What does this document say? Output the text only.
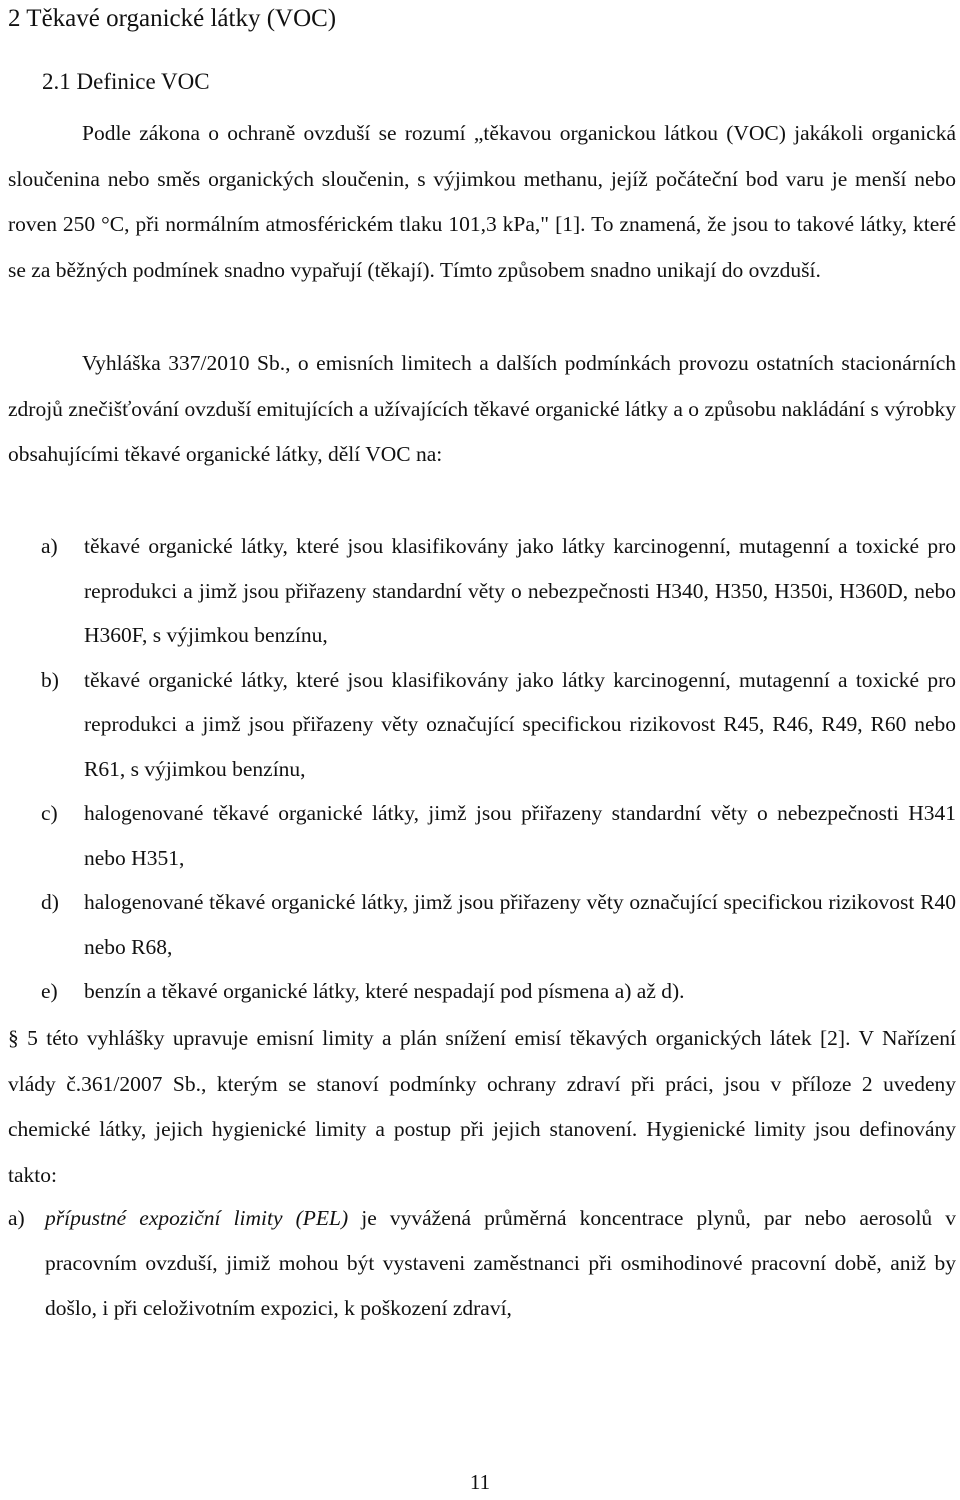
2 Těkavé organické látky (VOC)
2.1 Definice VOC

Podle zákona o ochraně ovzduší se rozumí „těkavou organickou látkou (VOC) jakákoli organická sloučenina nebo směs organických sloučenin, s výjimkou methanu, jejíž počáteční bod varu je menší nebo roven 250 °C, při normálním atmosférickém tlaku 101,3 kPa," [1]. To znamená, že jsou to takové látky, které se za běžných podmínek snadno vypařují (těkají). Tímto způsobem snadno unikají do ovzduší.

Vyhláška 337/2010 Sb., o emisních limitech a dalších podmínkách provozu ostatních stacionárních zdrojů znečišťování ovzduší emitujících a užívajících těkavé organické látky a o způsobu nakládání s výrobky obsahujícími těkavé organické látky, dělí VOC na:

a) těkavé organické látky, které jsou klasifikovány jako látky karcinogenní, mutagenní a toxické pro reprodukci a jimž jsou přiřazeny standardní věty o nebezpečnosti H340, H350, H350i, H360D, nebo H360F, s výjimkou benzínu,
b) těkavé organické látky, které jsou klasifikovány jako látky karcinogenní, mutagenní a toxické pro reprodukci a jimž jsou přiřazeny věty označující specifickou rizikovost R45, R46, R49, R60 nebo R61, s výjimkou benzínu,
c) halogenované těkavé organické látky, jimž jsou přiřazeny standardní věty o nebezpečnosti H341 nebo H351,
d) halogenované těkavé organické látky, jimž jsou přiřazeny věty označující specifickou rizikovost R40 nebo R68,
e) benzín a těkavé organické látky, které nespadají pod písmena a) až d).

§ 5 této vyhlášky upravuje emisní limity a plán snížení emisí těkavých organických látek [2]. V Nařízení vlády č.361/2007 Sb., kterým se stanoví podmínky ochrany zdraví při práci, jsou v příloze 2 uvedeny chemické látky, jejich hygienické limity a postup při jejich stanovení. Hygienické limity jsou definovány takto:

a) přípustné expoziční limity (PEL) je vyvážená průměrná koncentrace plynů, par nebo aerosolů v pracovním ovzduší, jimiž mohou být vystaveni zaměstnanci při osmihodinové pracovní době, aniž by došlo, i při celoživotním expozici, k poškození zdraví,
11
